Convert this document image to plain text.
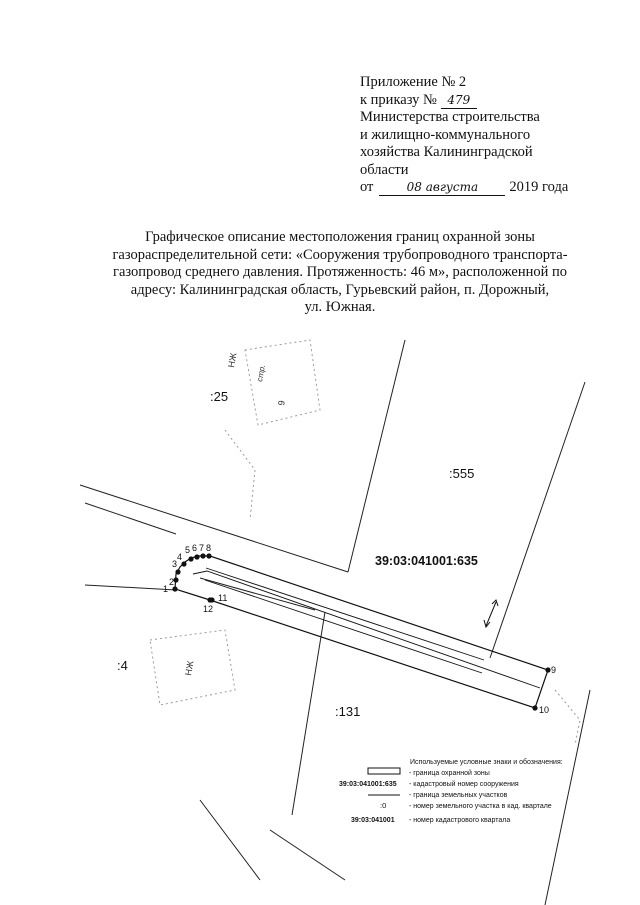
Приложение № 2
к приказу № 479
Министерства строительства
и жилищно-коммунального
хозяйства Калининградской
области
от	08 августа 2019 года
Графическое описание местоположения границ охранной зоны
газораспределительной сети: «Сооружения трубопроводного транспорта-
газопровод среднего давления. Протяженность: 46 м», расположенной по
адресу: Калининградская область, Гурьевский район, п. Дорожный,
ул. Южная.
1
2
3
4
5 6 7 8
9
10
11
12
:25
:555
:4
:131
39:03:041001:635
НЖ
стр.
9
НЖ
Используемые условные знаки и обозначения:
- граница охранной зоны
39:03:041001:635 - кадастровый номер сооружения
- граница земельных участков
:0	- номер земельного участка в кад. квартале
39:03:041001 - номер кадастрового квартала
